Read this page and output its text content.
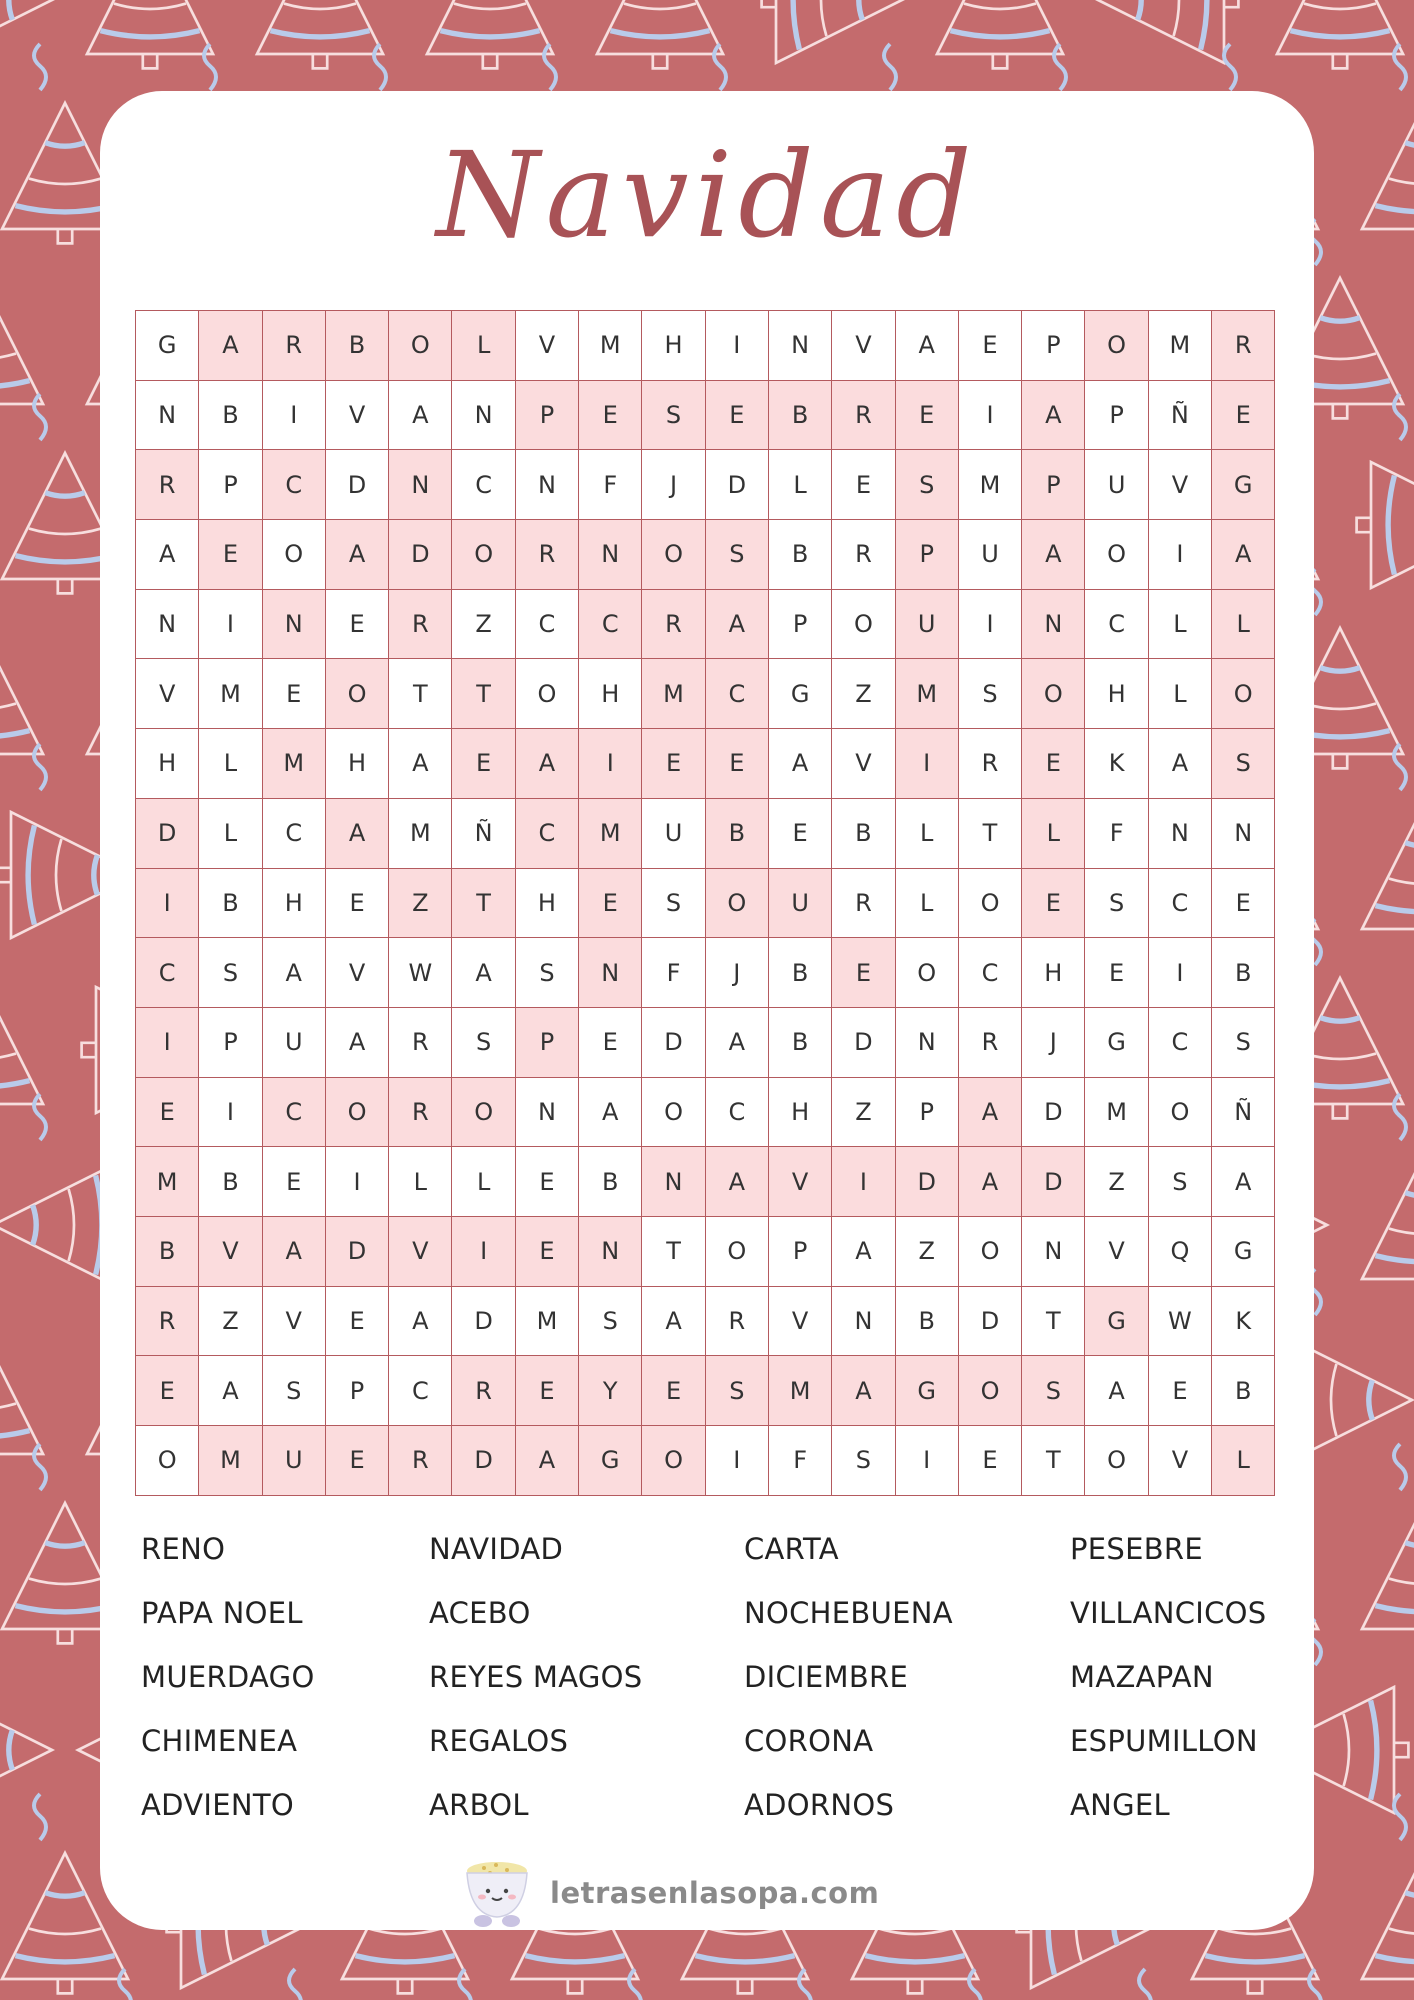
Navidad
G	A	R	B	O	L	V	M	H	I	N	V	A	E	P	O	M	R
N	B	I	V	A	N	P	E	S	E	B	R	E	I	A	P	Ñ	E
R	P	C	D	N	C	N	F	J	D	L	E	S	M	P	U	V	G
A	E	O	A	D	O	R	N	O	S	B	R	P	U	A	O	I	A
N	I	N	E	R	Z	C	C	R	A	P	O	U	I	N	C	L	L
V	M	E	O	T	T	O	H	M	C	G	Z	M	S	O	H	L	O
H	L	M	H	A	E	A	I	E	E	A	V	I	R	E	K	A	S
D	L	C	A	M	Ñ	C	M	U	B	E	B	L	T	L	F	N	N
I	B	H	E	Z	T	H	E	S	O	U	R	L	O	E	S	C	E
C	S	A	V	W	A	S	N	F	J	B	E	O	C	H	E	I	B
I	P	U	A	R	S	P	E	D	A	B	D	N	R	J	G	C	S
E	I	C	O	R	O	N	A	O	C	H	Z	P	A	D	M	O	Ñ
M	B	E	I	L	L	E	B	N	A	V	I	D	A	D	Z	S	A
B	V	A	D	V	I	E	N	T	O	P	A	Z	O	N	V	Q	G
R	Z	V	E	A	D	M	S	A	R	V	N	B	D	T	G	W	K
E	A	S	P	C	R	E	Y	E	S	M	A	G	O	S	A	E	B
O	M	U	E	R	D	A	G	O	I	F	S	I	E	T	O	V	L
RENO	NAVIDAD	CARTA	PESEBRE
PAPA NOEL	ACEBO	NOCHEBUENA	VILLANCICOS
MUERDAGO	REYES MAGOS	DICIEMBRE	MAZAPAN
CHIMENEA	REGALOS	CORONA	ESPUMILLON
ADVIENTO	ARBOL	ADORNOS	ANGEL
letrasenlasopa.com
